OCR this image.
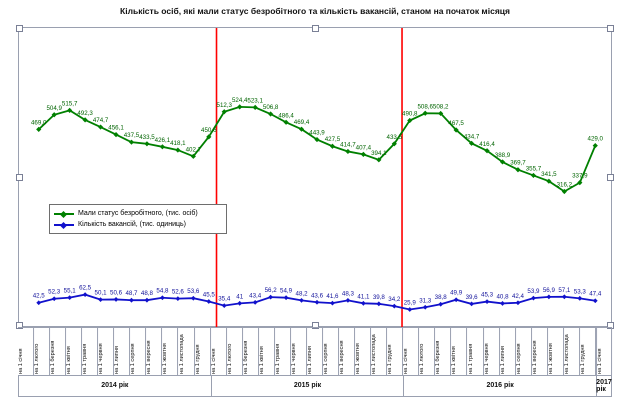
Кількість осіб, які мали статус безробітного та кількість вакансій, станом на початок місяця
469,0
504,9
515,7
492,3
474,7
456,1
437,5 433,5 426,1 418,1
402,7
450,6
512,3
524,4 523,1
506,8
486,4
469,4
443,9
427,5
414,7 407,4
394,1
433,5
490,8
508,6 508,2
467,5
434,7
416,4
388,9
369,7
355,7
341,5
316,2
337,9
429,0
42,5
52,3 55,1 62,5
50,1 50,6 48,7 48,8 54,8 52,6 53,6 45,5
35,4 41 43,4
56,2 54,9 48,2 43,6 41,6 48,3 41,1 39,8 34,2 25,9 31,3 38,8
49,9
39,6 45,3 40,8 42,4
53,9 56,9 57,1 53,3 47,4
Мали статус безробітного, (тис. осіб)
Кількість вакансій, (тис. одиниць)
на 1 січня	на 1 лютого	на 1 березня	на 1 квітня	на 1 травня	на 1 червня	на 1 липня	на 1 серпня	на 1 вересня	на 1 жовтня	на 1 листопада	на 1 грудня	на 1 січня	на 1 лютого	на 1 березня	на 1 квітня	на 1 травня	на 1 червня	на 1 липня	на 1 серпня	на 1 вересня	на 1 жовтня	на 1 листопада	на 1 грудня	на 1 січня	на 1 лютого	на 1 березня	на 1 квітня	на 1 травня	на 1 червня	на 1 липня	на 1 серпня	на 1 вересня	на 1 жовтня	на 1 листопада	на 1 грудня	на 1 січня
2014 рік	2015 рік	2016 рік	2017 рік
